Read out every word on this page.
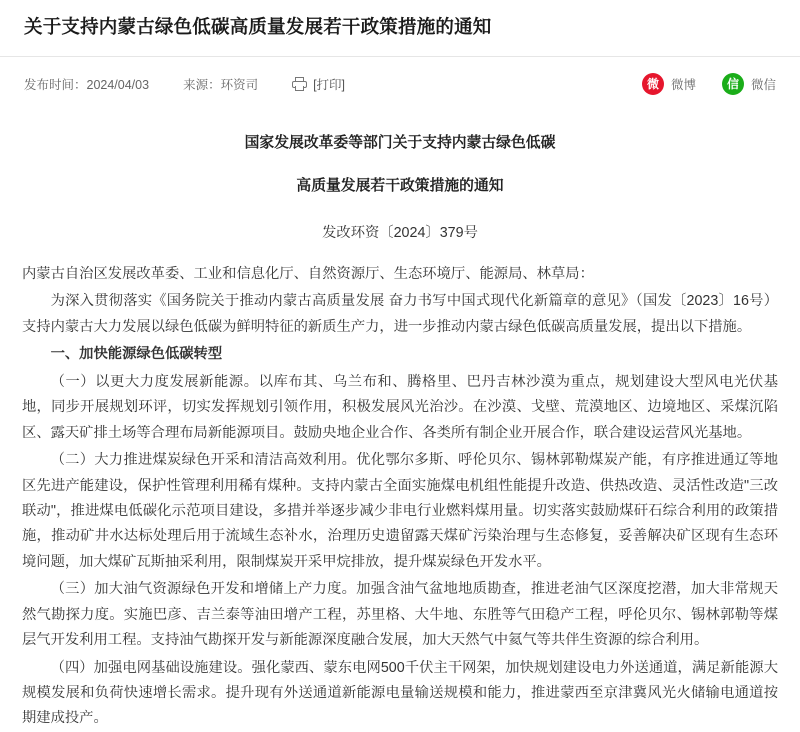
关于支持内蒙古绿色低碳高质量发展若干政策措施的通知
发布时间：2024/04/03	来源：环资司	[打印]	微 微博	信 微信
国家发展改革委等部门关于支持内蒙古绿色低碳
高质量发展若干政策措施的通知
发改环资〔2024〕379号

内蒙古自治区发展改革委、工业和信息化厅、自然资源厅、生态环境厅、能源局、林草局：

为深入贯彻落实《国务院关于推动内蒙古高质量发展 奋力书写中国式现代化新篇章的意见》（国发〔2023〕16号）支持内蒙古大力发展以绿色低碳为鲜明特征的新质生产力，进一步推动内蒙古绿色低碳高质量发展，提出以下措施。

一、加快能源绿色低碳转型

（一）以更大力度发展新能源。以库布其、乌兰布和、腾格里、巴丹吉林沙漠为重点，规划建设大型风电光伏基地，同步开展规划环评，切实发挥规划引领作用，积极发展风光治沙。在沙漠、戈壁、荒漠地区、边境地区、采煤沉陷区、露天矿排土场等合理布局新能源项目。鼓励央地企业合作、各类所有制企业开展合作，联合建设运营风光基地。

（二）大力推进煤炭绿色开采和清洁高效利用。优化鄂尔多斯、呼伦贝尔、锡林郭勒煤炭产能，有序推进通辽等地区先进产能建设，保护性管理利用稀有煤种。支持内蒙古全面实施煤电机组性能提升改造、供热改造、灵活性改造"三改联动"，推进煤电低碳化示范项目建设，多措并举逐步减少非电行业燃料煤用量。切实落实鼓励煤矸石综合利用的政策措施，推动矿井水达标处理后用于流域生态补水，治理历史遗留露天煤矿污染治理与生态修复，妥善解决矿区现有生态环境问题，加大煤矿瓦斯抽采利用，限制煤炭开采甲烷排放，提升煤炭绿色开发水平。

（三）加大油气资源绿色开发和增储上产力度。加强含油气盆地地质勘查，推进老油气区深度挖潜，加大非常规天然气勘探力度。实施巴彦、吉兰泰等油田增产工程，苏里格、大牛地、东胜等气田稳产工程，呼伦贝尔、锡林郭勒等煤层气开发利用工程。支持油气勘探开发与新能源深度融合发展，加大天然气中氦气等共伴生资源的综合利用。

（四）加强电网基础设施建设。强化蒙西、蒙东电网500千伏主干网架，加快规划建设电力外送通道，满足新能源大规模发展和负荷快速增长需求。提升现有外送通道新能源电量输送规模和能力，推进蒙西至京津冀风光火储输电通道按期建成投产。
